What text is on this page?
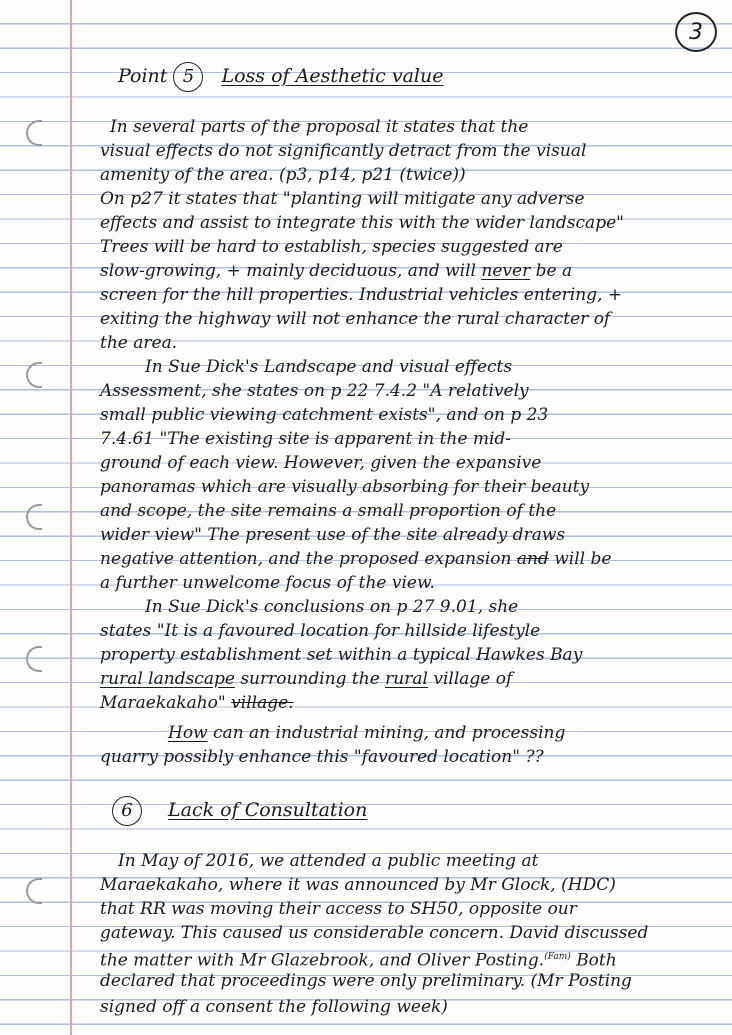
3
Point 5 Loss of Aesthetic value
In several parts of the proposal it states that the
visual effects do not significantly detract from the visual
amenity of the area. (p3, p14, p21 (twice))
On p27 it states that "planting will mitigate any adverse
effects and assist to integrate this with the wider landscape"
Trees will be hard to establish, species suggested are
slow-growing, + mainly deciduous, and will never be a
screen for the hill properties. Industrial vehicles entering, +
exiting the highway will not enhance the rural character of
the area.
In Sue Dick's Landscape and visual effects
Assessment, she states on p 22 7.4.2 "A relatively
small public viewing catchment exists", and on p 23
7.4.61 "The existing site is apparent in the mid-
ground of each view. However, given the expansive
panoramas which are visually absorbing for their beauty
and scope, the site remains a small proportion of the
wider view" The present use of the site already draws
negative attention, and the proposed expansion and will be
a further unwelcome focus of the view.
In Sue Dick's conclusions on p 27 9.01, she
states "It is a favoured location for hillside lifestyle
property establishment set within a typical Hawkes Bay
rural landscape surrounding the rural village of
Maraekakaho" village.
How can an industrial mining, and processing
quarry possibly enhance this "favoured location" ??
6 Lack of Consultation
In May of 2016, we attended a public meeting at
Maraekakaho, where it was announced by Mr Glock, (HDC)
that RR was moving their access to SH50, opposite our
gateway. This caused us considerable concern. David discussed
the matter with Mr Glazebrook, and Oliver Posting.$^{(Fam)}$ Both
declared that proceedings were only preliminary. (Mr Posting
signed off a consent the following week)
